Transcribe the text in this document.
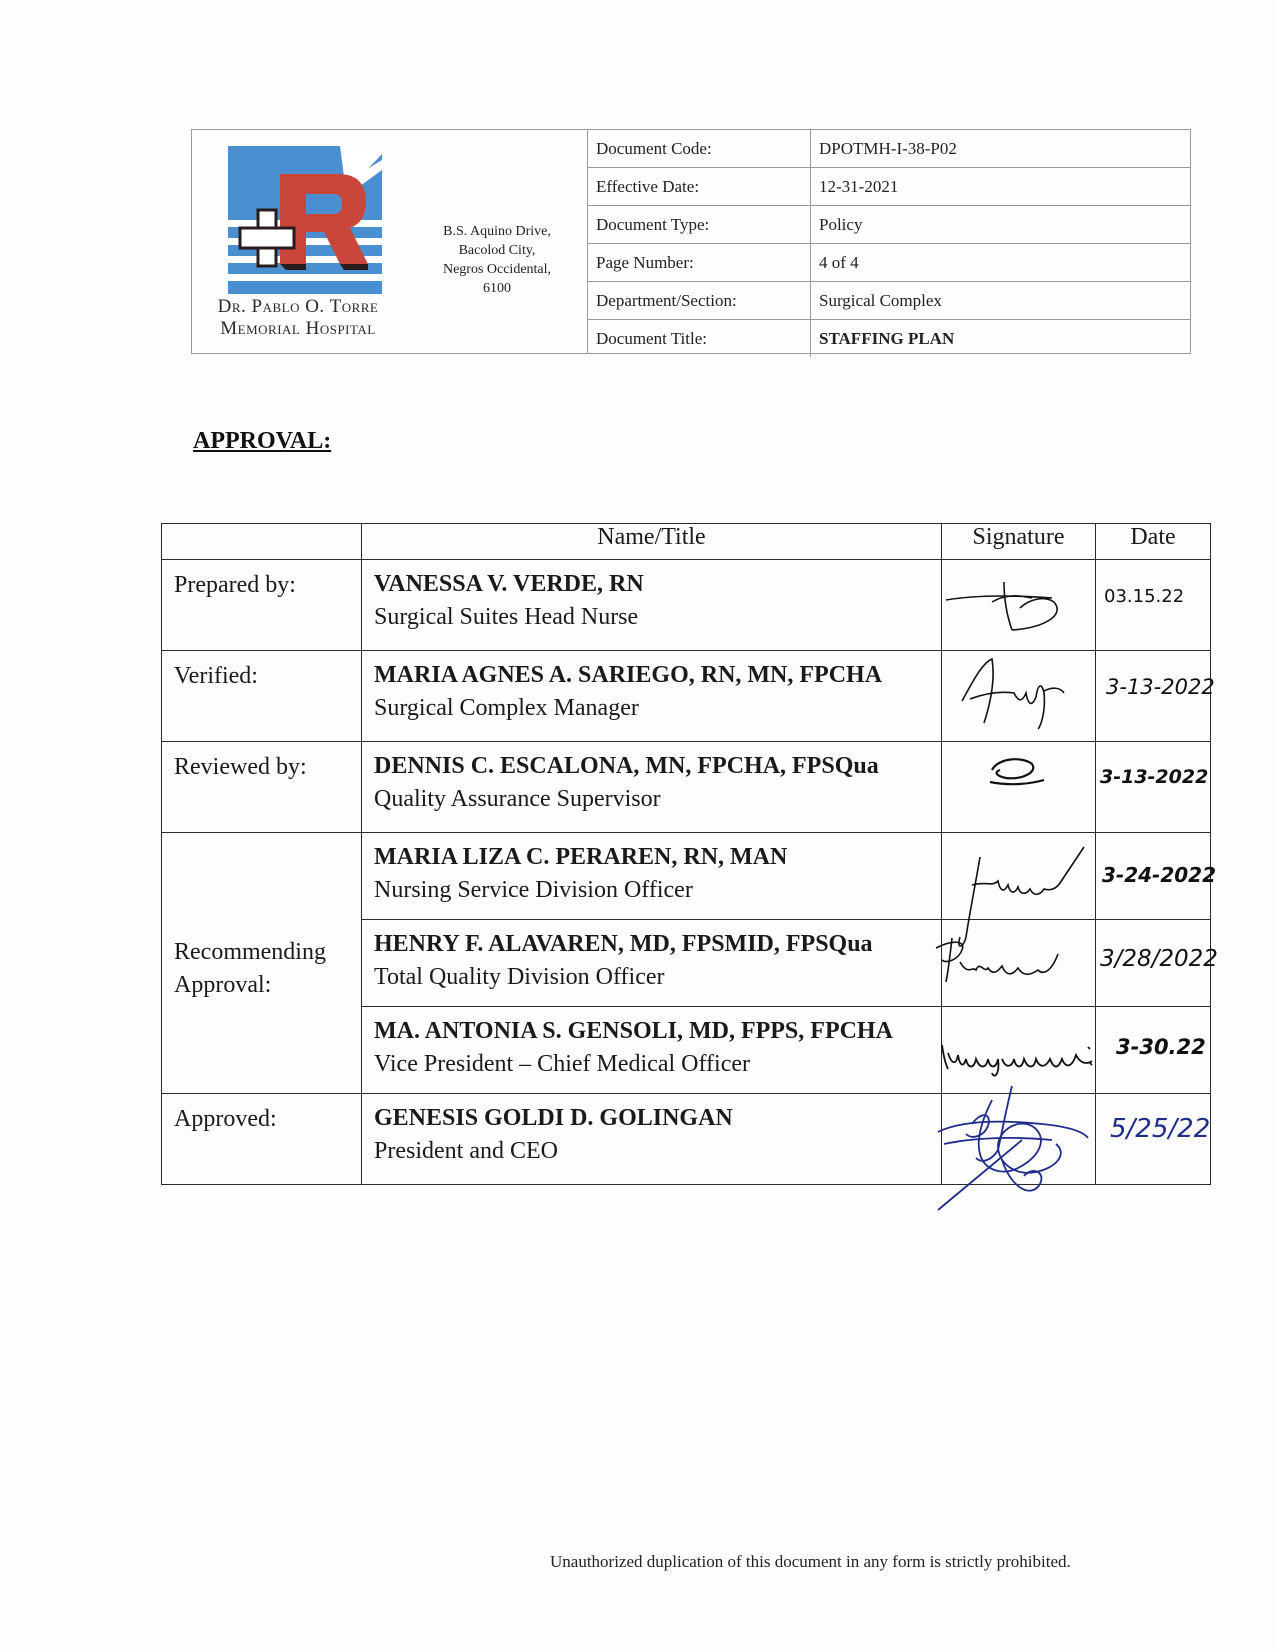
Dr. Pablo O. Torre
Memorial Hospital
B.S. Aquino Drive,
Bacolod City,
Negros Occidental,
6100
Document Code:	DPOTMH-I-38-P02
Effective Date:	12-31-2021
Document Type:	Policy
Page Number:	4 of 4
Department/Section:	Surgical Complex
Document Title:	STAFFING PLAN
APPROVAL:
	Name/Title	Signature	Date
Prepared by:	VANESSA V. VERDE, RN
Surgical Suites Head Nurse		03.15.22

Verified:	MARIA AGNES A. SARIEGO, RN, MN, FPCHA
Surgical Complex Manager		3-13-2022

Reviewed by:	DENNIS C. ESCALONA, MN, FPCHA, FPSQua
Quality Assurance Supervisor		3-13-2022

Recommending
Approval:	MARIA LIZA C. PERAREN, RN, MAN
Nursing Service Division Officer		3-24-2022

	HENRY F. ALAVAREN, MD, FPSMID, FPSQua
Total Quality Division Officer		3/28/2022

	MA. ANTONIA S. GENSOLI, MD, FPPS, FPCHA
Vice President – Chief Medical Officer		3-30.22

Approved:	GENESIS GOLDI D. GOLINGAN
President and CEO		5/25/22
Unauthorized duplication of this document in any form is strictly prohibited.
